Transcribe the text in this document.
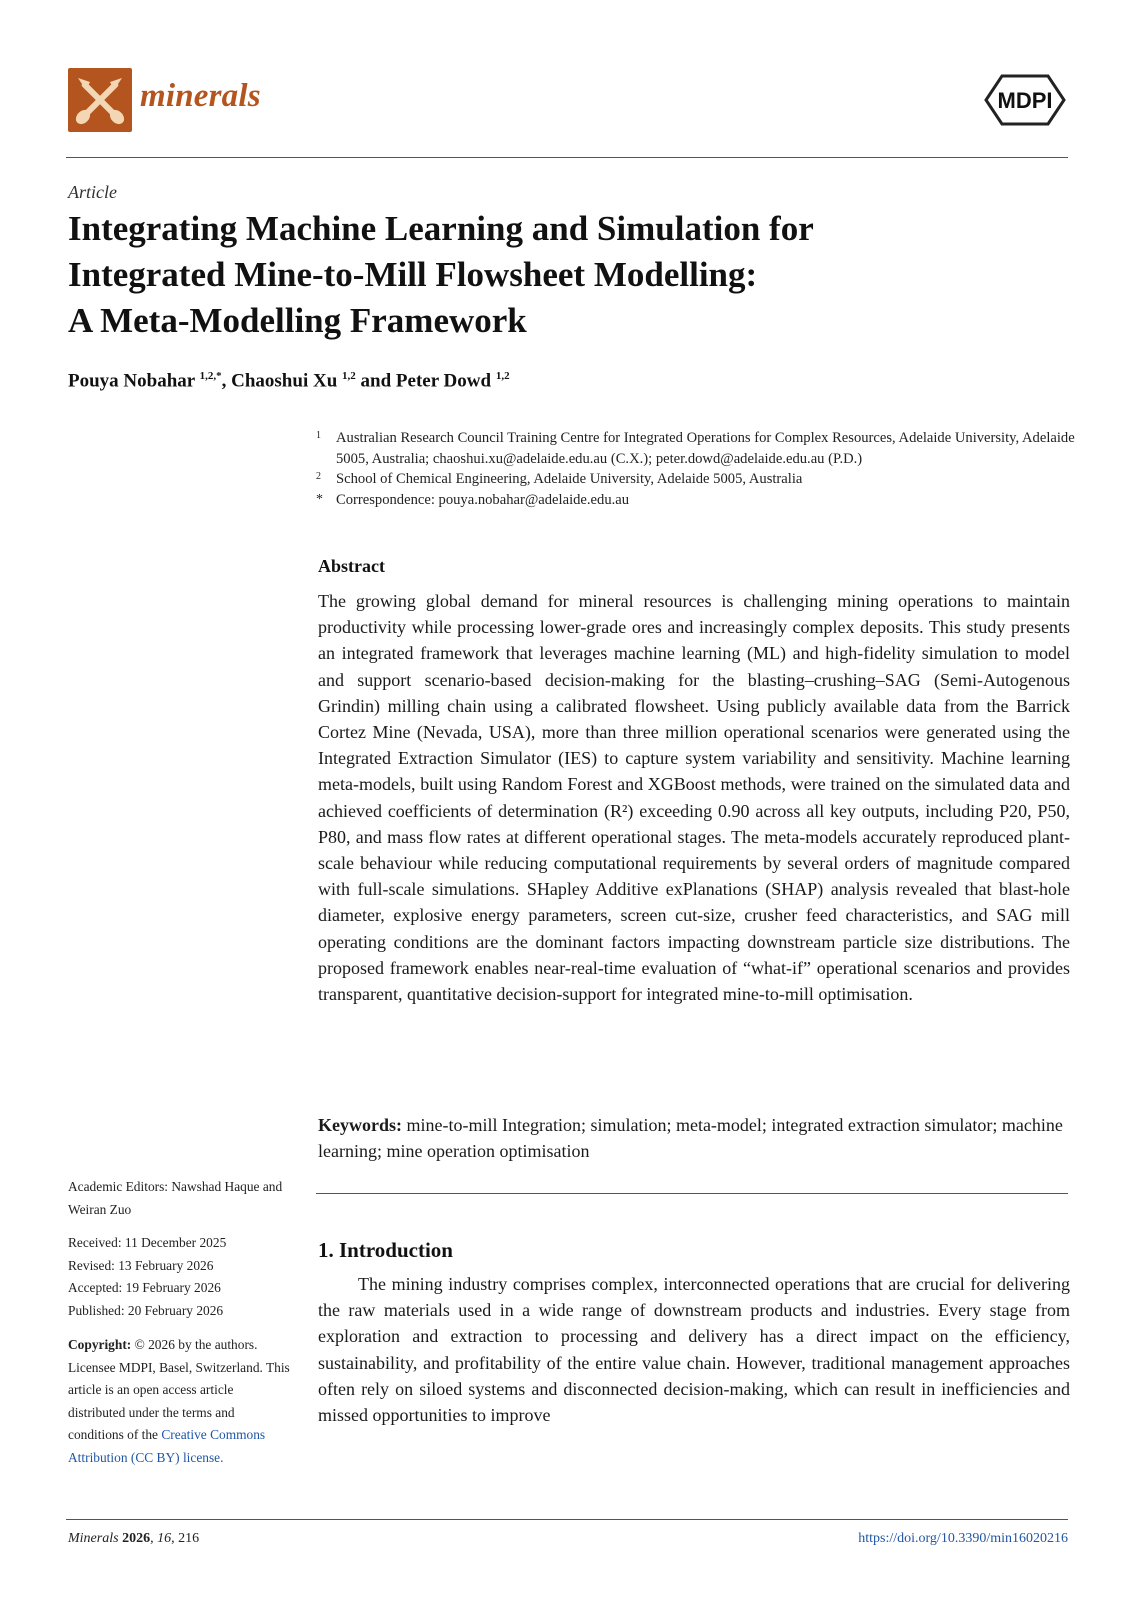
minerals	MDPI
Article
Integrating Machine Learning and Simulation for
Integrated Mine-to-Mill Flowsheet Modelling:
A Meta-Modelling Framework
Pouya Nobahar $^{1,2,*}$, Chaoshui Xu $^{1,2}$ and Peter Dowd $^{1,2}$
1	Australian Research Council Training Centre for Integrated Operations for Complex Resources, Adelaide University, Adelaide 5005, Australia; chaoshui.xu@adelaide.edu.au (C.X.); peter.dowd@adelaide.edu.au (P.D.)
2	School of Chemical Engineering, Adelaide University, Adelaide 5005, Australia
* Correspondence: pouya.nobahar@adelaide.edu.au
Abstract
The growing global demand for mineral resources is challenging mining operations to maintain productivity while processing lower-grade ores and increasingly complex deposits. This study presents an integrated framework that leverages machine learning (ML) and high-fidelity simulation to model and support scenario-based decision-making for the blasting–crushing–SAG (Semi-Autogenous Grindin) milling chain using a calibrated flowsheet. Using publicly available data from the Barrick Cortez Mine (Nevada, USA), more than three million operational scenarios were generated using the Integrated Extraction Simulator (IES) to capture system variability and sensitivity. Machine learning meta-models, built using Random Forest and XGBoost methods, were trained on the simulated data and achieved coefficients of determination (R²) exceeding 0.90 across all key outputs, including P20, P50, P80, and mass flow rates at different operational stages. The meta-models accurately reproduced plant-scale behaviour while reducing computational requirements by several orders of magnitude compared with full-scale simulations. SHapley Additive exPlanations (SHAP) analysis revealed that blast-hole diameter, explosive energy parameters, screen cut-size, crusher feed characteristics, and SAG mill operating conditions are the dominant factors impacting downstream particle size distributions. The proposed framework enables near-real-time evaluation of “what-if” operational scenarios and provides transparent, quantitative decision-support for integrated mine-to-mill optimisation.
Keywords: mine-to-mill Integration; simulation; meta-model; integrated extraction simulator; machine learning; mine operation optimisation
1. Introduction
The mining industry comprises complex, interconnected operations that are crucial for delivering the raw materials used in a wide range of downstream products and industries. Every stage from exploration and extraction to processing and delivery has a direct impact on the efficiency, sustainability, and profitability of the entire value chain. However, traditional management approaches often rely on siloed systems and disconnected decision-making, which can result in inefficiencies and missed opportunities to improve
Academic Editors: Nawshad Haque and Weiran Zuo
Received: 11 December 2025
Revised: 13 February 2026
Accepted: 19 February 2026
Published: 20 February 2026
Copyright: © 2026 by the authors. Licensee MDPI, Basel, Switzerland. This article is an open access article distributed under the terms and conditions of the Creative Commons Attribution (CC BY) license.
Minerals 2026, 16, 216	https://doi.org/10.3390/min16020216
